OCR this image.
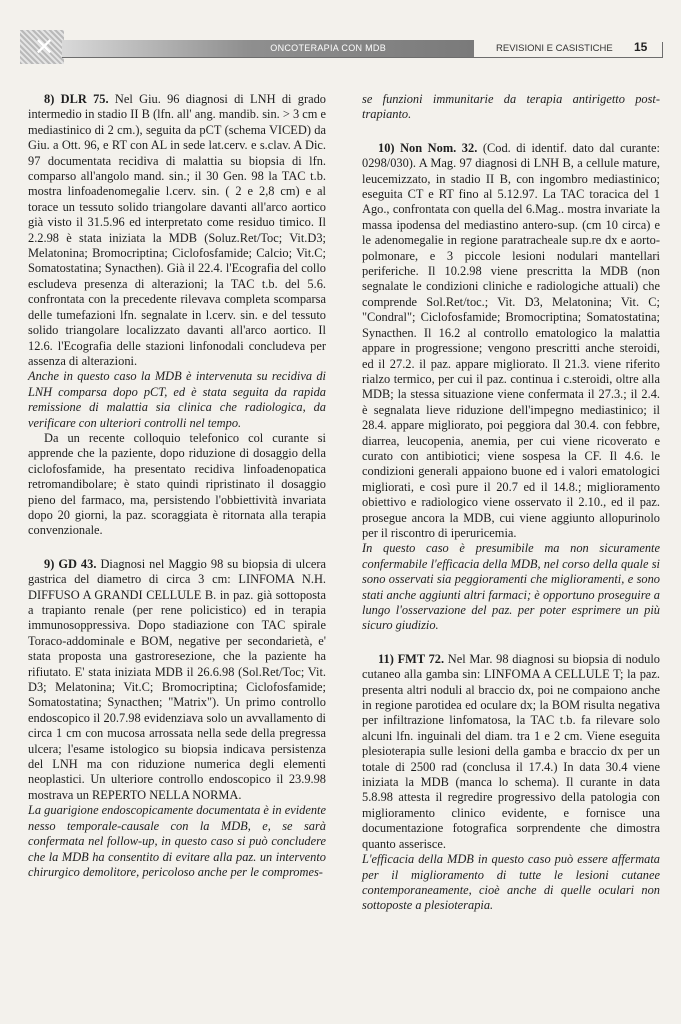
✕	ONCOTERAPIA CON MDB	REVISIONI E CASISTICHE 15

8) DLR 75. Nel Giu. 96 diagnosi di LNH di grado intermedio in stadio II B (lfn. all' ang. mandib. sin. > 3 cm e mediastinico di 2 cm.), seguita da pCT (schema VICED) da Giu. a Ott. 96, e RT con AL in sede lat.cerv. e s.clav. A Dic. 97 documentata recidiva di malattia su biopsia di lfn. comparso all'angolo mand. sin.; il 30 Gen. 98 la TAC t.b. mostra linfoadenomegalie l.cerv. sin. ( 2 e 2,8 cm) e al torace un tessuto solido triangolare davanti all'arco aortico già visto il 31.5.96 ed interpretato come residuo timico. Il 2.2.98 è stata iniziata la MDB (Soluz.Ret/Toc; Vit.D3; Melatonina; Bromocriptina; Ciclofosfamide; Calcio; Vit.C; Somatostatina; Synacthen). Già il 22.4. l'Ecografia del collo escludeva presenza di alterazioni; la TAC t.b. del 5.6. confrontata con la precedente rilevava completa scomparsa delle tumefazioni lfn. segnalate in l.cerv. sin. e del tessuto solido triangolare localizzato davanti all'arco aortico. Il 12.6. l'Ecografia delle stazioni linfonodali concludeva per assenza di alterazioni.

Anche in questo caso la MDB è intervenuta su recidiva di LNH comparsa dopo pCT, ed è stata seguita da rapida remissione di malattia sia clinica che radiologica, da verificare con ulteriori controlli nel tempo.

Da un recente colloquio telefonico col curante si apprende che la paziente, dopo riduzione di dosaggio della ciclofosfamide, ha presentato recidiva linfoadenopatica retromandibolare; è stato quindi ripristinato il dosaggio pieno del farmaco, ma, persistendo l'obbiettività invariata dopo 20 giorni, la paz. scoraggiata è ritornata alla terapia convenzionale.

9) GD 43. Diagnosi nel Maggio 98 su biopsia di ulcera gastrica del diametro di circa 3 cm: LINFOMA N.H. DIFFUSO A GRANDI CELLULE B. in paz. già sottoposta a trapianto renale (per rene policistico) ed in terapia immunosoppressiva. Dopo stadiazione con TAC spirale Toraco-addominale e BOM, negative per secondarietà, e' stata proposta una gastroresezione, che la paziente ha rifiutato. E' stata iniziata MDB il 26.6.98 (Sol.Ret/Toc; Vit. D3; Melatonina; Vit.C; Bromocriptina; Ciclofosfamide; Somatostatina; Synacthen; "Matrix"). Un primo controllo endoscopico il 20.7.98 evidenziava solo un avvallamento di circa 1 cm con mucosa arrossata nella sede della pregressa ulcera; l'esame istologico su biopsia indicava persistenza del LNH ma con riduzione numerica degli elementi neoplastici. Un ulteriore controllo endoscopico il 23.9.98 mostrava un REPERTO NELLA NORMA.

La guarigione endoscopicamente documentata è in evidente nesso temporale-causale con la MDB, e, se sarà confermata nel follow-up, in questo caso si può concludere che la MDB ha consentito di evitare alla paz. un intervento chirurgico demolitore, pericoloso anche per le compromes-

se funzioni immunitarie da terapia antirigetto post-trapianto.

10) Non Nom. 32. (Cod. di identif. dato dal curante: 0298/030). A Mag. 97 diagnosi di LNH B, a cellule mature, leucemizzato, in stadio II B, con ingombro mediastinico; eseguita CT e RT fino al 5.12.97. La TAC toracica del 1 Ago., confrontata con quella del 6.Mag.. mostra invariate la massa ipodensa del mediastino antero-sup. (cm 10 circa) e le adenomegalie in regione paratracheale sup.re dx e aorto-polmonare, e 3 piccole lesioni nodulari mantellari periferiche. Il 10.2.98 viene prescritta la MDB (non segnalate le condizioni cliniche e radiologiche attuali) che comprende Sol.Ret/toc.; Vit. D3, Melatonina; Vit. C; "Condral"; Ciclofosfamide; Bromocriptina; Somatostatina; Synacthen. Il 16.2 al controllo ematologico la malattia appare in progressione; vengono prescritti anche steroidi, ed il 27.2. il paz. appare migliorato. Il 21.3. viene riferito rialzo termico, per cui il paz. continua i c.steroidi, oltre alla MDB; la stessa situazione viene confermata il 27.3.; il 2.4. è segnalata lieve riduzione dell'impegno mediastinico; il 28.4. appare migliorato, poi peggiora dal 30.4. con febbre, diarrea, leucopenia, anemia, per cui viene ricoverato e curato con antibiotici; viene sospesa la CF. Il 4.6. le condizioni generali appaiono buone ed i valori ematologici migliorati, e così pure il 20.7 ed il 14.8.; miglioramento obiettivo e radiologico viene osservato il 2.10., ed il paz. prosegue ancora la MDB, cui viene aggiunto allopurinolo per il riscontro di iperuricemia.

In questo caso è presumibile ma non sicuramente confermabile l'efficacia della MDB, nel corso della quale si sono osservati sia peggioramenti che miglioramenti, e sono stati anche aggiunti altri farmaci; è opportuno proseguire a lungo l'osservazione del paz. per poter esprimere un più sicuro giudizio.

11) FMT 72. Nel Mar. 98 diagnosi su biopsia di nodulo cutaneo alla gamba sin: LINFOMA A CELLULE T; la paz. presenta altri noduli al braccio dx, poi ne compaiono anche in regione parotidea ed oculare dx; la BOM risulta negativa per infiltrazione linfomatosa, la TAC t.b. fa rilevare solo alcuni lfn. inguinali del diam. tra 1 e 2 cm. Viene eseguita plesioterapia sulle lesioni della gamba e braccio dx per un totale di 2500 rad (conclusa il 17.4.) In data 30.4 viene iniziata la MDB (manca lo schema). Il curante in data 5.8.98 attesta il regredire progressivo della patologia con miglioramento clinico evidente, e fornisce una documentazione fotografica sorprendente che dimostra quanto asserisce.

L'efficacia della MDB in questo caso può essere affermata per il miglioramento di tutte le lesioni cutanee contemporaneamente, cioè anche di quelle oculari non sottoposte a plesioterapia.
